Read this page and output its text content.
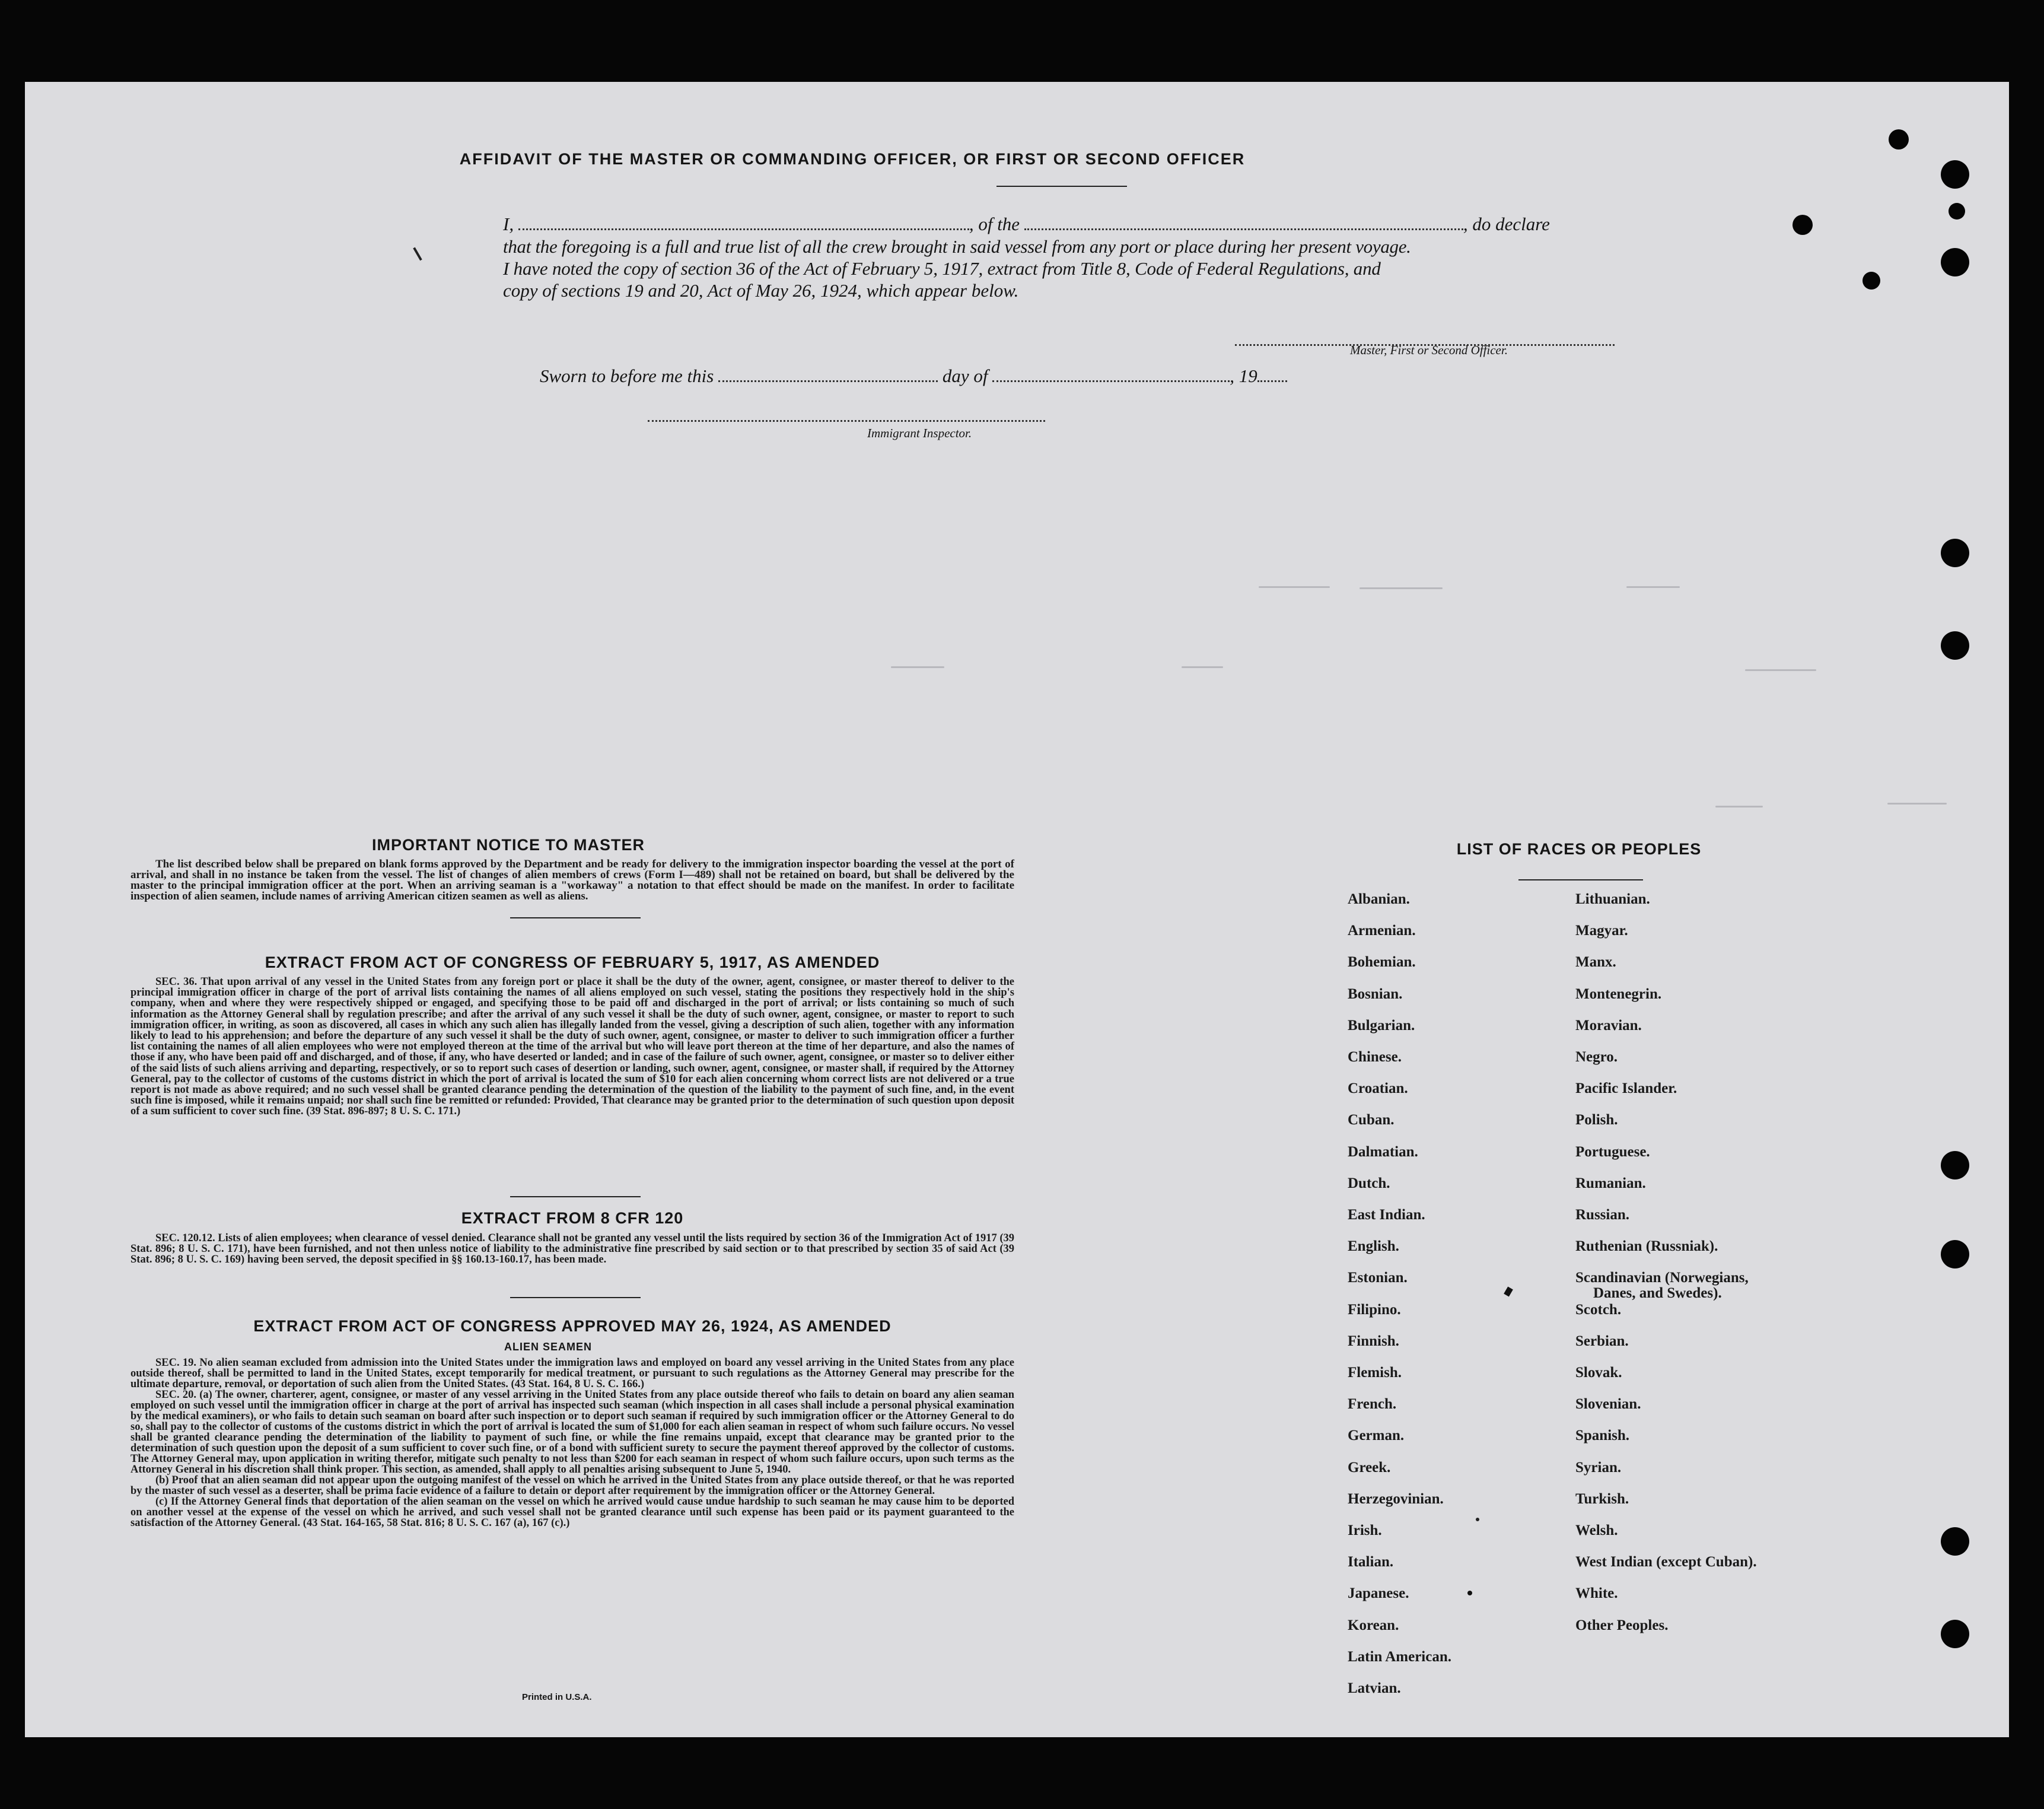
AFFIDAVIT OF THE MASTER OR COMMANDING OFFICER, OR FIRST OR SECOND OFFICER
I,	, of the	, do declare
that the foregoing is a full and true list of all the crew brought in said vessel from any port or place during her present voyage.
I have noted the copy of section 36 of the Act of February 5, 1917, extract from Title 8, Code of Federal Regulations, and
copy of sections 19 and 20, Act of May 26, 1924, which appear below.
Master, First or Second Officer.
Sworn to before me this	day of	, 19
Immigrant Inspector.
IMPORTANT NOTICE TO MASTER
The list described below shall be prepared on blank forms approved by the Department and be ready for delivery to the immigration inspector boarding the vessel at the port of arrival, and shall in no instance be taken from the vessel. The list of changes of alien members of crews (Form I—489) shall not be retained on board, but shall be delivered by the master to the principal immigration officer at the port. When an arriving seaman is a "workaway" a notation to that effect should be made on the manifest. In order to facilitate inspection of alien seamen, include names of arriving American citizen seamen as well as aliens.
EXTRACT FROM ACT OF CONGRESS OF FEBRUARY 5, 1917, AS AMENDED
SEC. 36. That upon arrival of any vessel in the United States from any foreign port or place it shall be the duty of the owner, agent, consignee, or master thereof to deliver to the principal immigration officer in charge of the port of arrival lists containing the names of all aliens employed on such vessel, stating the positions they respectively hold in the ship's company, when and where they were respectively shipped or engaged, and specifying those to be paid off and discharged in the port of arrival; or lists containing so much of such information as the Attorney General shall by regulation prescribe; and after the arrival of any such vessel it shall be the duty of such owner, agent, consignee, or master to report to such immigration officer, in writing, as soon as discovered, all cases in which any such alien has illegally landed from the vessel, giving a description of such alien, together with any information likely to lead to his apprehension; and before the departure of any such vessel it shall be the duty of such owner, agent, consignee, or master to deliver to such immigration officer a further list containing the names of all alien employees who were not employed thereon at the time of the arrival but who will leave port thereon at the time of her departure, and also the names of those if any, who have been paid off and discharged, and of those, if any, who have deserted or landed; and in case of the failure of such owner, agent, consignee, or master so to deliver either of the said lists of such aliens arriving and departing, respectively, or so to report such cases of desertion or landing, such owner, agent, consignee, or master shall, if required by the Attorney General, pay to the collector of customs of the customs district in which the port of arrival is located the sum of $10 for each alien concerning whom correct lists are not delivered or a true report is not made as above required; and no such vessel shall be granted clearance pending the determination of the question of the liability to the payment of such fine, and, in the event such fine is imposed, while it remains unpaid; nor shall such fine be remitted or refunded: Provided, That clearance may be granted prior to the determination of such question upon deposit of a sum sufficient to cover such fine. (39 Stat. 896-897; 8 U. S. C. 171.)
EXTRACT FROM 8 CFR 120
SEC. 120.12. Lists of alien employees; when clearance of vessel denied. Clearance shall not be granted any vessel until the lists required by section 36 of the Immigration Act of 1917 (39 Stat. 896; 8 U. S. C. 171), have been furnished, and not then unless notice of liability to the administrative fine prescribed by said section or to that prescribed by section 35 of said Act (39 Stat. 896; 8 U. S. C. 169) having been served, the deposit specified in §§ 160.13-160.17, has been made.
EXTRACT FROM ACT OF CONGRESS APPROVED MAY 26, 1924, AS AMENDED
ALIEN SEAMEN

SEC. 19. No alien seaman excluded from admission into the United States under the immigration laws and employed on board any vessel arriving in the United States from any place outside thereof, shall be permitted to land in the United States, except temporarily for medical treatment, or pursuant to such regulations as the Attorney General may prescribe for the ultimate departure, removal, or deportation of such alien from the United States. (43 Stat. 164, 8 U. S. C. 166.)

SEC. 20. (a) The owner, charterer, agent, consignee, or master of any vessel arriving in the United States from any place outside thereof who fails to detain on board any alien seaman employed on such vessel until the immigration officer in charge at the port of arrival has inspected such seaman (which inspection in all cases shall include a personal physical examination by the medical examiners), or who fails to detain such seaman on board after such inspection or to deport such seaman if required by such immigration officer or the Attorney General to do so, shall pay to the collector of customs of the customs district in which the port of arrival is located the sum of $1,000 for each alien seaman in respect of whom such failure occurs. No vessel shall be granted clearance pending the determination of the liability to payment of such fine, or while the fine remains unpaid, except that clearance may be granted prior to the determination of such question upon the deposit of a sum sufficient to cover such fine, or of a bond with sufficient surety to secure the payment thereof approved by the collector of customs. The Attorney General may, upon application in writing therefor, mitigate such penalty to not less than $200 for each seaman in respect of whom such failure occurs, upon such terms as the Attorney General in his discretion shall think proper. This section, as amended, shall apply to all penalties arising subsequent to June 5, 1940.

(b) Proof that an alien seaman did not appear upon the outgoing manifest of the vessel on which he arrived in the United States from any place outside thereof, or that he was reported by the master of such vessel as a deserter, shall be prima facie evidence of a failure to detain or deport after requirement by the immigration officer or the Attorney General.

(c) If the Attorney General finds that deportation of the alien seaman on the vessel on which he arrived would cause undue hardship to such seaman he may cause him to be deported on another vessel at the expense of the vessel on which he arrived, and such vessel shall not be granted clearance until such expense has been paid or its payment guaranteed to the satisfaction of the Attorney General. (43 Stat. 164-165, 58 Stat. 816; 8 U. S. C. 167 (a), 167 (c).)

Printed in U.S.A.
LIST OF RACES OR PEOPLES
Albanian.
Armenian.
Bohemian.
Bosnian.
Bulgarian.
Chinese.
Croatian.
Cuban.
Dalmatian.
Dutch.
East Indian.
English.
Estonian.
Filipino.
Finnish.
Flemish.
French.
German.
Greek.
Herzegovinian.
Irish.
Italian.
Japanese.
Korean.
Latin American.
Latvian.
Lithuanian.
Magyar.
Manx.
Montenegrin.
Moravian.
Negro.
Pacific Islander.
Polish.
Portuguese.
Rumanian.
Russian.
Ruthenian (Russniak).
Scandinavian (Norwegians,
Danes, and Swedes).
Scotch.
Serbian.
Slovak.
Slovenian.
Spanish.
Syrian.
Turkish.
Welsh.
West Indian (except Cuban).
White.
Other Peoples.
